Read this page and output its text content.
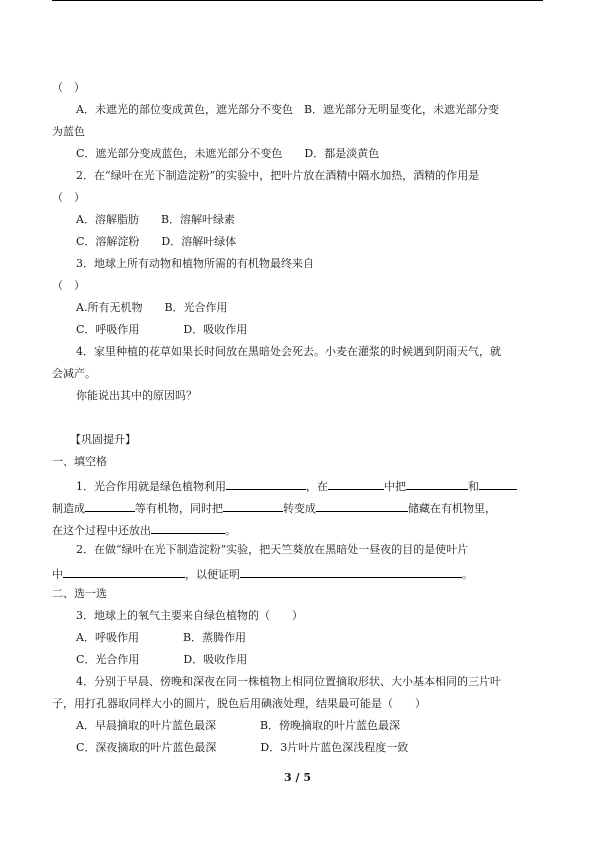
（　）
A．未遮光的部位变成黄色，遮光部分不变色　B．遮光部分无明显变化，未遮光部分变
为蓝色
C．遮光部分变成蓝色，未遮光部分不变色　　D．都是淡黄色
2．在“绿叶在光下制造淀粉”的实验中，把叶片放在酒精中隔水加热，酒精的作用是
（　）
A．溶解脂肪　　B．溶解叶绿素
C．溶解淀粉　　D．溶解叶绿体
3．地球上所有动物和植物所需的有机物最终来自
（　）
A.所有无机物　　B．光合作用
C．呼吸作用　　　　D．吸收作用
4．家里种植的花草如果长时间放在黑暗处会死去。小麦在灌浆的时候遇到阴雨天气，就
会减产。
你能说出其中的原因吗？
【巩固提升】
一、填空格
1．光合作用就是绿色植物利用	，在	中把	和
制造成	等有机物，同时把	转变成	储藏在有机物里，
在这个过程中还放出	。
2．在做“绿叶在光下制造淀粉”实验，把天竺葵放在黑暗处一昼夜的目的是使叶片
中	，以便证明	。
二、选一选
3．地球上的氧气主要来自绿色植物的（　　）
A．呼吸作用　　　　B．蒸腾作用
C．光合作用　　　　D．吸收作用
4．分别于早晨、傍晚和深夜在同一株植物上相同位置摘取形状、大小基本相同的三片叶
子，用打孔器取同样大小的圆片，脱色后用碘液处理，结果最可能是（　　）
A．早晨摘取的叶片蓝色最深　　　　B．傍晚摘取的叶片蓝色最深
C．深夜摘取的叶片蓝色最深　　　　D．3片叶片蓝色深浅程度一致
3 / 5
